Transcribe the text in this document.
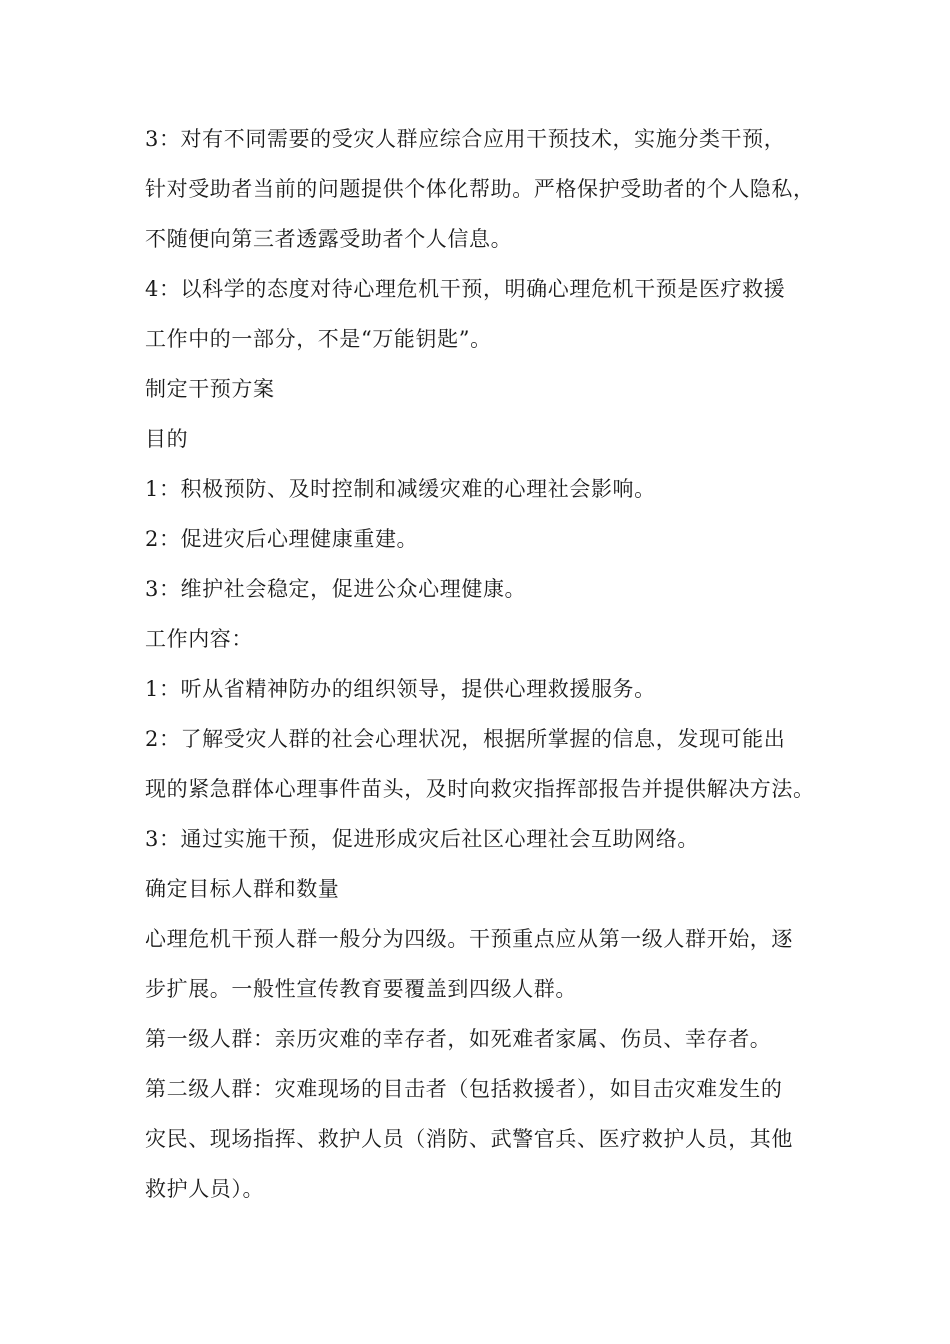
3：对有不同需要的受灾人群应综合应用干预技术，实施分类干预，
针对受助者当前的问题提供个体化帮助。严格保护受助者的个人隐私，
不随便向第三者透露受助者个人信息。

4：以科学的态度对待心理危机干预，明确心理危机干预是医疗救援
工作中的一部分，不是“万能钥匙”。

制定干预方案

目的

1：积极预防、及时控制和减缓灾难的心理社会影响。

2：促进灾后心理健康重建。

3：维护社会稳定，促进公众心理健康。

工作内容：

1：听从省精神防办的组织领导，提供心理救援服务。

2：了解受灾人群的社会心理状况，根据所掌握的信息，发现可能出
现的紧急群体心理事件苗头，及时向救灾指挥部报告并提供解决方法。

3：通过实施干预，促进形成灾后社区心理社会互助网络。

确定目标人群和数量

心理危机干预人群一般分为四级。干预重点应从第一级人群开始，逐
步扩展。一般性宣传教育要覆盖到四级人群。

第一级人群：亲历灾难的幸存者，如死难者家属、伤员、幸存者。

第二级人群：灾难现场的目击者（包括救援者），如目击灾难发生的
灾民、现场指挥、救护人员（消防、武警官兵、医疗救护人员，其他
救护人员）。
